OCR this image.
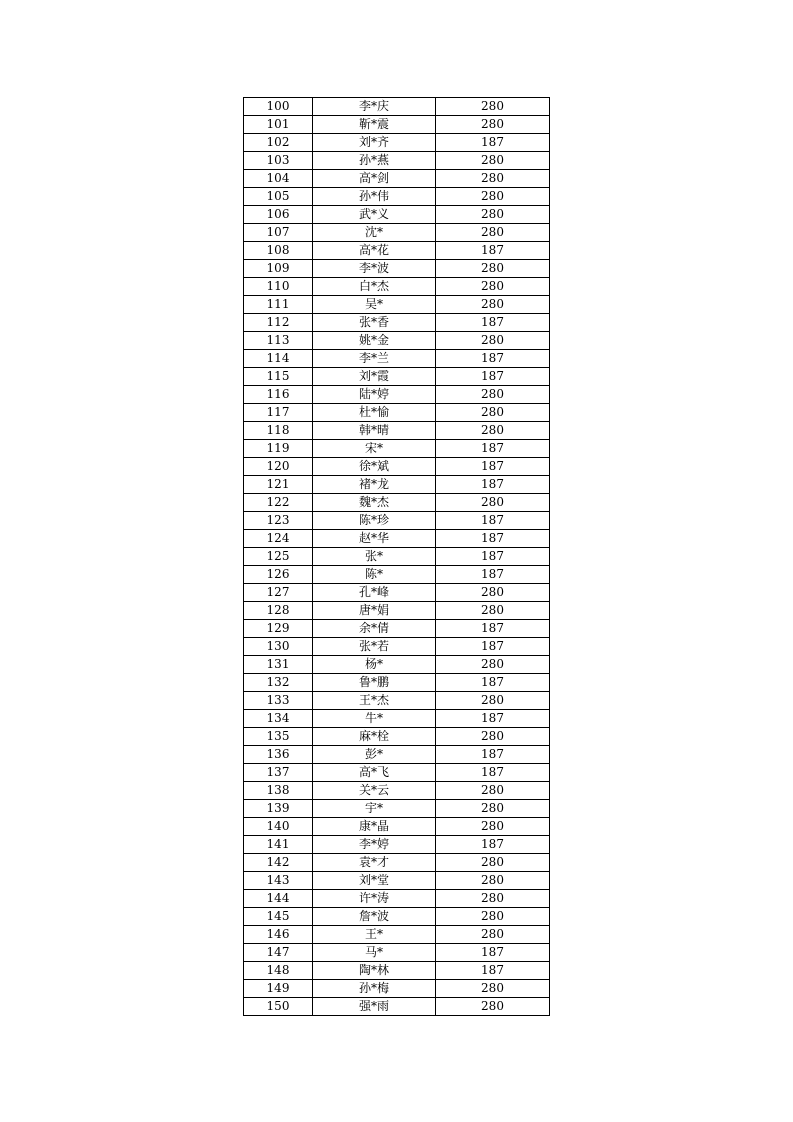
100	李*庆	280
101	靳*震	280
102	刘*齐	187
103	孙*燕	280
104	高*剑	280
105	孙*伟	280
106	武*义	280
107	沈*	280
108	高*花	187
109	李*波	280
110	白*杰	280
111	吴*	280
112	张*香	187
113	姚*金	280
114	李*兰	187
115	刘*霞	187
116	陆*婷	280
117	杜*愉	280
118	韩*晴	280
119	宋*	187
120	徐*斌	187
121	褚*龙	187
122	魏*杰	280
123	陈*珍	187
124	赵*华	187
125	张*	187
126	陈*	187
127	孔*峰	280
128	唐*娟	280
129	余*倩	187
130	张*若	187
131	杨*	280
132	鲁*鹏	187
133	王*杰	280
134	牛*	187
135	麻*栓	280
136	彭*	187
137	高*飞	187
138	关*云	280
139	宇*	280
140	康*晶	280
141	李*婷	187
142	袁*才	280
143	刘*堂	280
144	许*涛	280
145	詹*波	280
146	王*	280
147	马*	187
148	陶*林	187
149	孙*梅	280
150	强*雨	280
